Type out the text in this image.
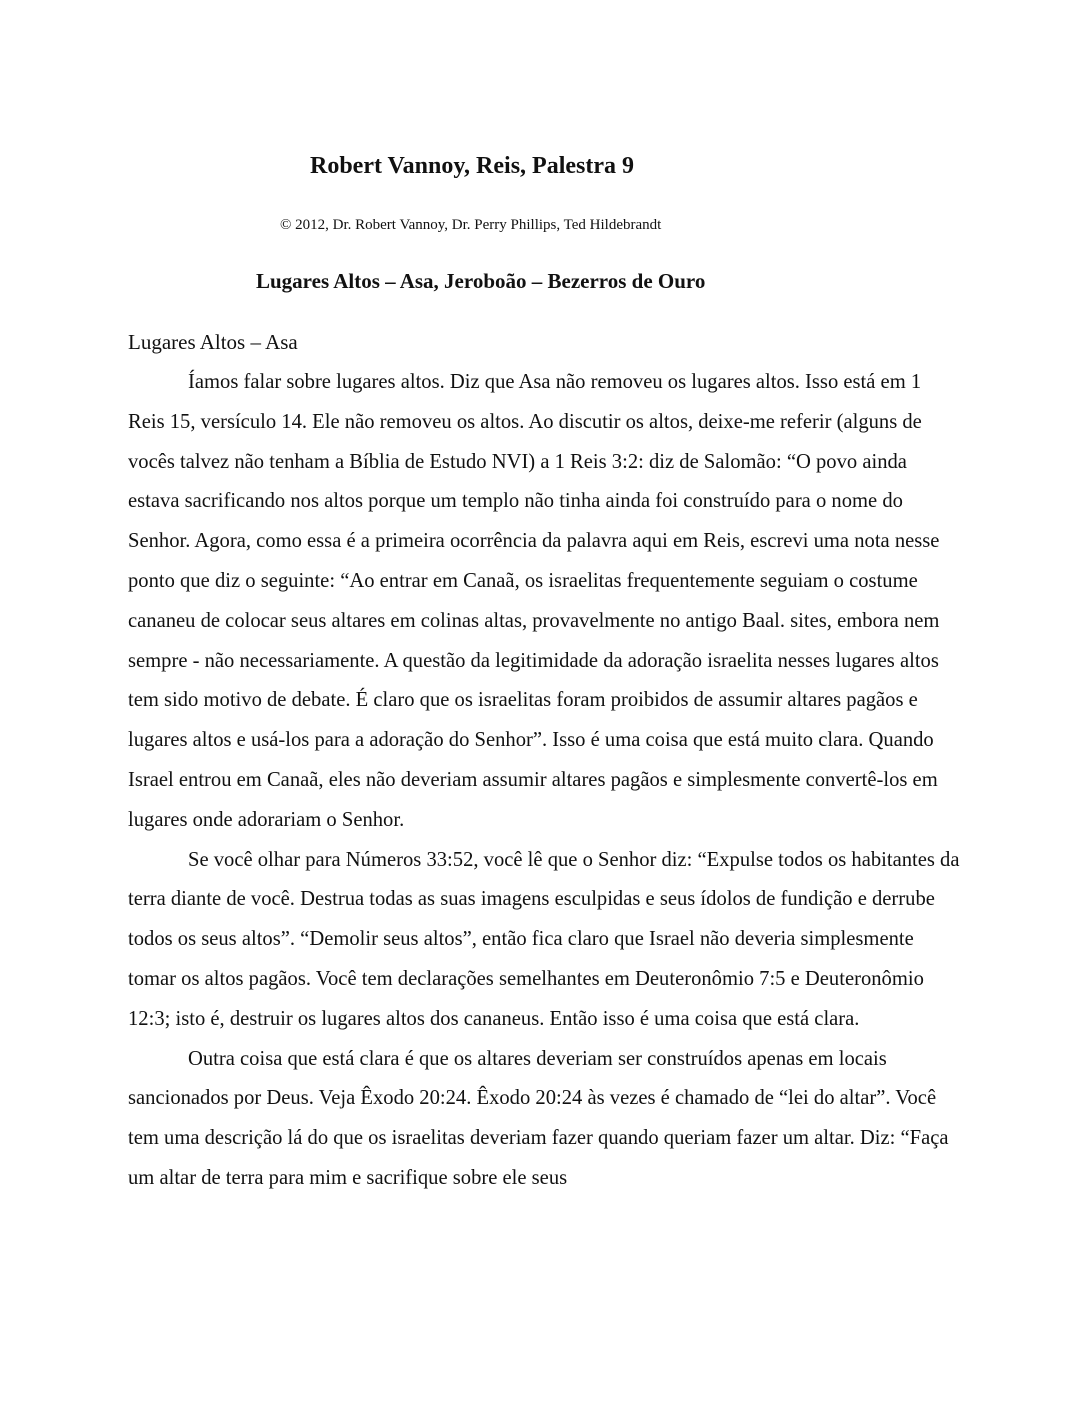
Robert Vannoy, Reis, Palestra 9
© 2012, Dr. Robert Vannoy, Dr. Perry Phillips, Ted Hildebrandt
Lugares Altos – Asa, Jeroboão – Bezerros de Ouro
Lugares Altos – Asa

Íamos falar sobre lugares altos. Diz que Asa não removeu os lugares altos. Isso está em 1 Reis 15, versículo 14. Ele não removeu os altos. Ao discutir os altos, deixe-me referir (alguns de vocês talvez não tenham a Bíblia de Estudo NVI) a 1 Reis 3:2: diz de Salomão: “O povo ainda estava sacrificando nos altos porque um templo não tinha ainda foi construído para o nome do Senhor. Agora, como essa é a primeira ocorrência da palavra aqui em Reis, escrevi uma nota nesse ponto que diz o seguinte: “Ao entrar em Canaã, os israelitas frequentemente seguiam o costume cananeu de colocar seus altares em colinas altas, provavelmente no antigo Baal. sites, embora nem sempre - não necessariamente. A questão da legitimidade da adoração israelita nesses lugares altos tem sido motivo de debate. É claro que os israelitas foram proibidos de assumir altares pagãos e lugares altos e usá-los para a adoração do Senhor”. Isso é uma coisa que está muito clara. Quando Israel entrou em Canaã, eles não deveriam assumir altares pagãos e simplesmente convertê-los em lugares onde adorariam o Senhor.

Se você olhar para Números 33:52, você lê que o Senhor diz: “Expulse todos os habitantes da terra diante de você. Destrua todas as suas imagens esculpidas e seus ídolos de fundição e derrube todos os seus altos”. “Demolir seus altos”, então fica claro que Israel não deveria simplesmente tomar os altos pagãos. Você tem declarações semelhantes em Deuteronômio 7:5 e Deuteronômio 12:3; isto é, destruir os lugares altos dos cananeus. Então isso é uma coisa que está clara.

Outra coisa que está clara é que os altares deveriam ser construídos apenas em locais sancionados por Deus. Veja Êxodo 20:24. Êxodo 20:24 às vezes é chamado de “lei do altar”. Você tem uma descrição lá do que os israelitas deveriam fazer quando queriam fazer um altar. Diz: “Faça um altar de terra para mim e sacrifique sobre ele seus
